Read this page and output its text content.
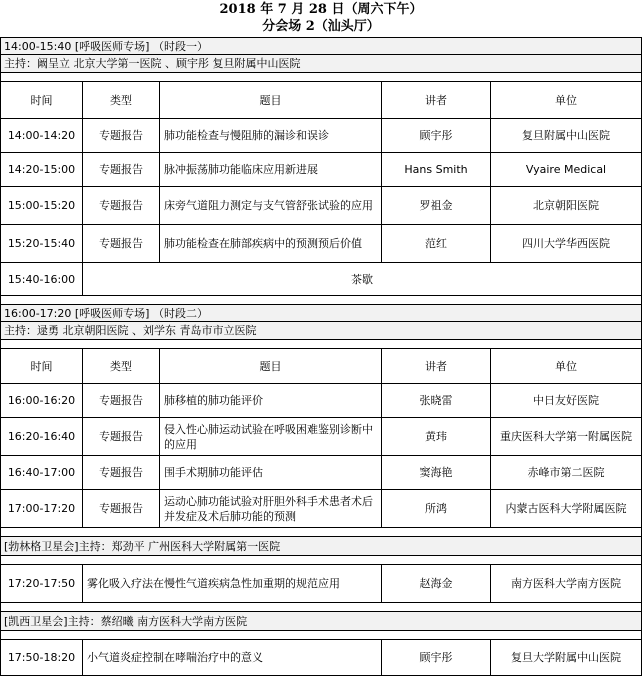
2018 年 7 月 28 日（周六下午）
分会场 2（汕头厅）
14:00-15:40 [呼吸医师专场] （时段一）				
主持：阚呈立 北京大学第一医院 、顾宇彤 复旦附属中山医院				

时间	类型	题目	讲者	单位
14:00-14:20	专题报告	肺功能检查与慢阻肺的漏诊和误诊	顾宇彤	复旦附属中山医院
14:20-15:00	专题报告	脉冲振荡肺功能临床应用新进展	Hans Smith	Vyaire Medical
15:00-15:20	专题报告	床旁气道阻力测定与支气管舒张试验的应用	罗祖金	北京朝阳医院
15:20-15:40	专题报告	肺功能检查在肺部疾病中的预测预后价值	范红	四川大学华西医院
15:40-16:00	茶歇			

16:00-17:20 [呼吸医师专场] （时段二）				
主持：逯勇 北京朝阳医院 、刘学东 青岛市市立医院				

时间	类型	题目	讲者	单位
16:00-16:20	专题报告	肺移植的肺功能评价	张晓雷	中日友好医院
16:20-16:40	专题报告	侵入性心肺运动试验在呼吸困难鉴别诊断中的应用	黄玮	重庆医科大学第一附属医院
16:40-17:00	专题报告	围手术期肺功能评估	窦海艳	赤峰市第二医院
17:00-17:20	专题报告	运动心肺功能试验对肝胆外科手术患者术后并发症及术后肺功能的预测	所鸿	内蒙古医科大学附属医院

[勃林格卫星会]主持：郑劲平 广州医科大学附属第一医院				

17:20-17:50	雾化吸入疗法在慢性气道疾病急性加重期的规范应用		赵海金	南方医科大学南方医院

[凯西卫星会]主持：蔡绍曦 南方医科大学南方医院				

17:50-18:20	小气道炎症控制在哮喘治疗中的意义		顾宇彤	复旦大学附属中山医院
